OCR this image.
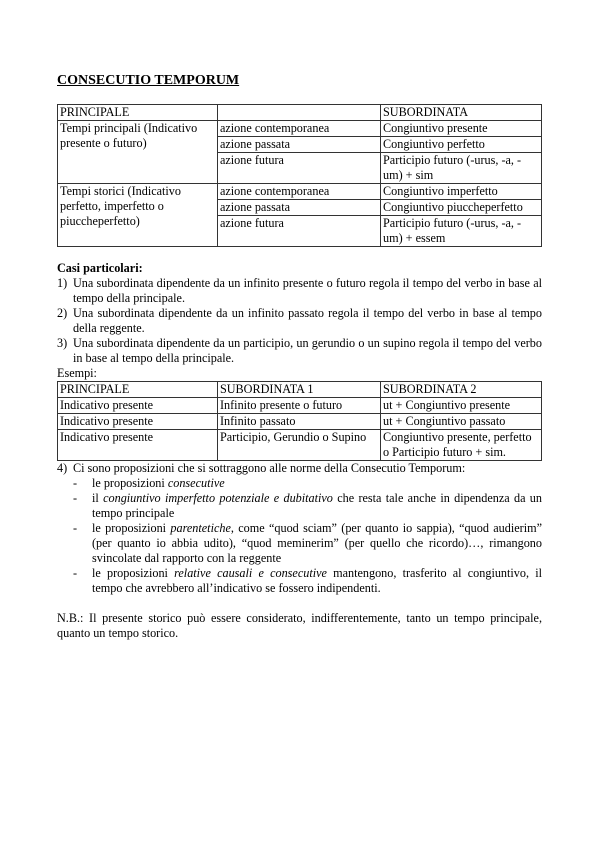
CONSECUTIO TEMPORUM
PRINCIPALE		SUBORDINATA
Tempi principali (Indicativo presente o futuro)	azione contemporanea	Congiuntivo presente
	azione passata	Congiuntivo perfetto
	azione futura	Participio futuro (-urus, -a, -um) + sim
Tempi storici (Indicativo perfetto, imperfetto o piuccheperfetto)	azione contemporanea	Congiuntivo imperfetto
	azione passata	Congiuntivo piuccheperfetto
	azione futura	Participio futuro (-urus, -a, -um) + essem
Casi particolari:
1) Una subordinata dipendente da un infinito presente o futuro regola il tempo del verbo in base al tempo della principale.
2) Una subordinata dipendente da un infinito passato regola il tempo del verbo in base al tempo della reggente.
3) Una subordinata dipendente da un participio, un gerundio o un supino regola il tempo del verbo in base al tempo della principale.
Esempi:
PRINCIPALE	SUBORDINATA 1	SUBORDINATA 2
Indicativo presente	Infinito presente o futuro	ut + Congiuntivo presente
Indicativo presente	Infinito passato	ut + Congiuntivo passato
Indicativo presente	Participio, Gerundio o Supino	Congiuntivo presente, perfetto o Participio futuro + sim.
4) Ci sono proposizioni che si sottraggono alle norme della Consecutio Temporum:
-	le proposizioni consecutive
-	il congiuntivo imperfetto potenziale e dubitativo che resta tale anche in dipendenza da un tempo principale
-	le proposizioni parentetiche, come “quod sciam” (per quanto io sappia), “quod audierim” (per quanto io abbia udito), “quod meminerim” (per quello che ricordo)…, rimangono svincolate dal rapporto con la reggente
-	le proposizioni relative causali e consecutive mantengono, trasferito al congiuntivo, il tempo che avrebbero all’indicativo se fossero indipendenti.
N.B.: Il presente storico può essere considerato, indifferentemente, tanto un tempo principale, quanto un tempo storico.
